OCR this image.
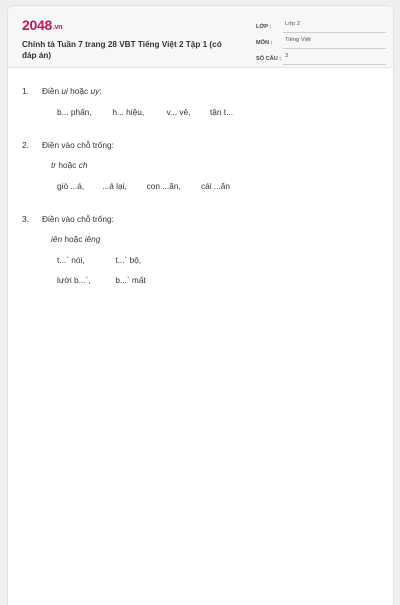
2048.vn
Chính tả Tuần 7 trang 28 VBT Tiếng Việt 2 Tập 1 (có đáp án)
LỚP :	Lớp 2
MÔN :	Tiếng Việt
SỐ CÂU : 3
1. Điền ui hoặc uy:
b... phấn, h... hiệu,	v... vẻ, tận t...
2. Điền vào chỗ trống:
tr hoặc ch
giò ...á, ...á lại, con ...ăn, cái ...ăn
3. Điền vào chỗ trống:
iên hoặc iêng
t...` nói,	t...` bộ,
lười b...`,	b...` mất
